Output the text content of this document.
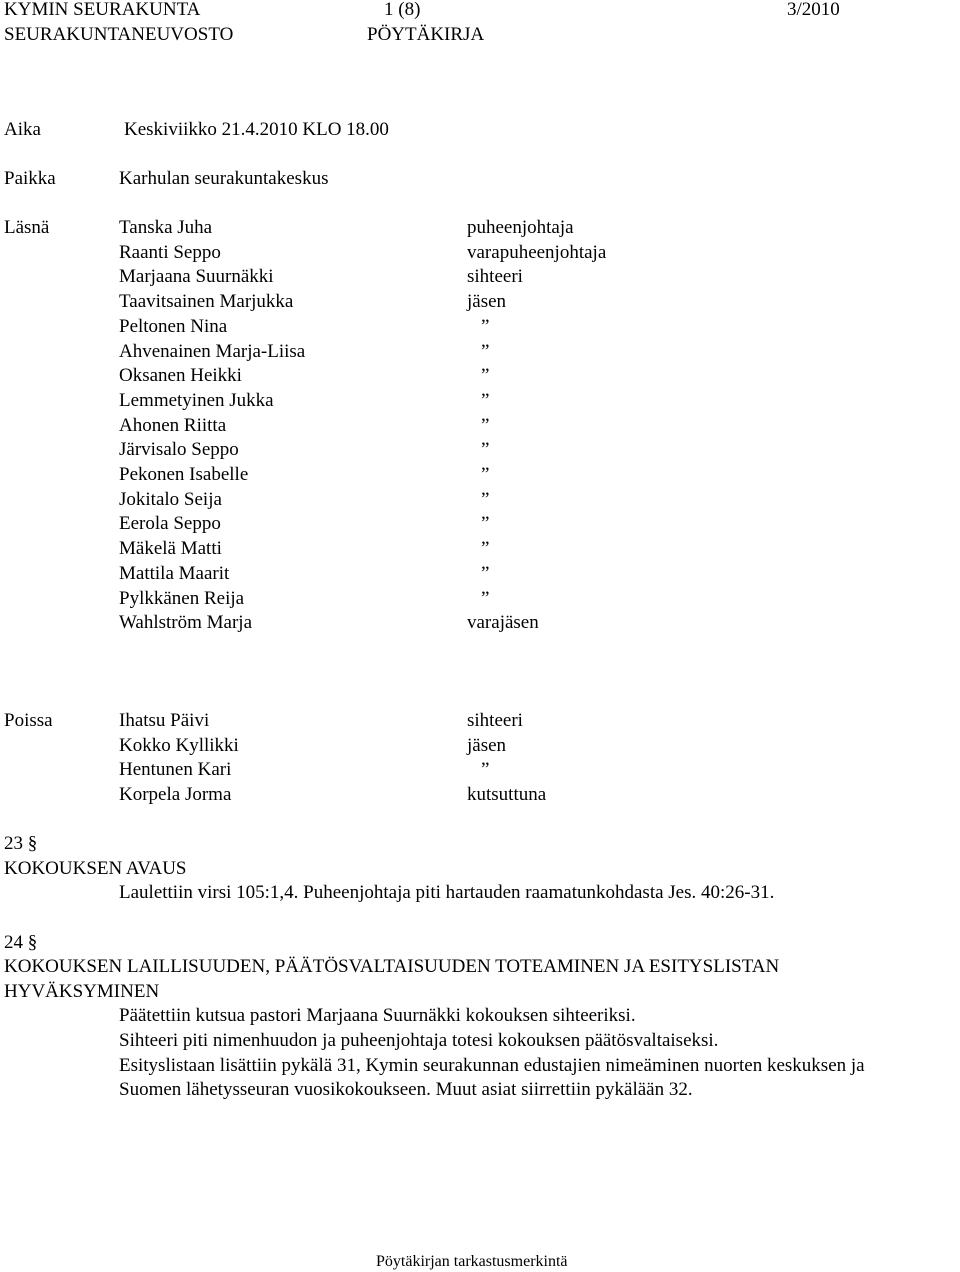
KYMIN SEURAKUNTA
SEURAKUNTANEUVOSTO
1 (8)
PÖYTÄKIRJA
3/2010
Aika	Keskiviikko 21.4.2010 KLO 18.00
Paikka	Karhulan seurakuntakeskus
Läsnä	Tanska Juha	puheenjohtaja
Raanti Seppo	varapuheenjohtaja
Marjaana Suurnäkki	sihteeri
Taavitsainen Marjukka	jäsen
Peltonen Nina	”
Ahvenainen Marja-Liisa	”
Oksanen Heikki	”
Lemmetyinen Jukka	”
Ahonen Riitta	”
Järvisalo Seppo	”
Pekonen Isabelle	”
Jokitalo Seija	”
Eerola Seppo	”
Mäkelä Matti	”
Mattila Maarit	”
Pylkkänen Reija	”
Wahlström Marja	varajäsen
Poissa	Ihatsu Päivi	sihteeri
Kokko Kyllikki	jäsen
Hentunen Kari	”
Korpela Jorma	kutsuttuna
23 §
KOKOUKSEN AVAUS
Laulettiin virsi 105:1,4. Puheenjohtaja piti hartauden raamatunkohdasta Jes. 40:26-31.
24 §
KOKOUKSEN LAILLISUUDEN, PÄÄTÖSVALTAISUUDEN TOTEAMINEN JA ESITYSLISTAN
HYVÄKSYMINEN
Päätettiin kutsua pastori Marjaana Suurnäkki kokouksen sihteeriksi.
Sihteeri piti nimenhuudon ja puheenjohtaja totesi kokouksen päätösvaltaiseksi.
Esityslistaan lisättiin pykälä 31, Kymin seurakunnan edustajien nimeäminen nuorten keskuksen ja
Suomen lähetysseuran vuosikokoukseen. Muut asiat siirrettiin pykälään 32.
Pöytäkirjan tarkastusmerkintä
